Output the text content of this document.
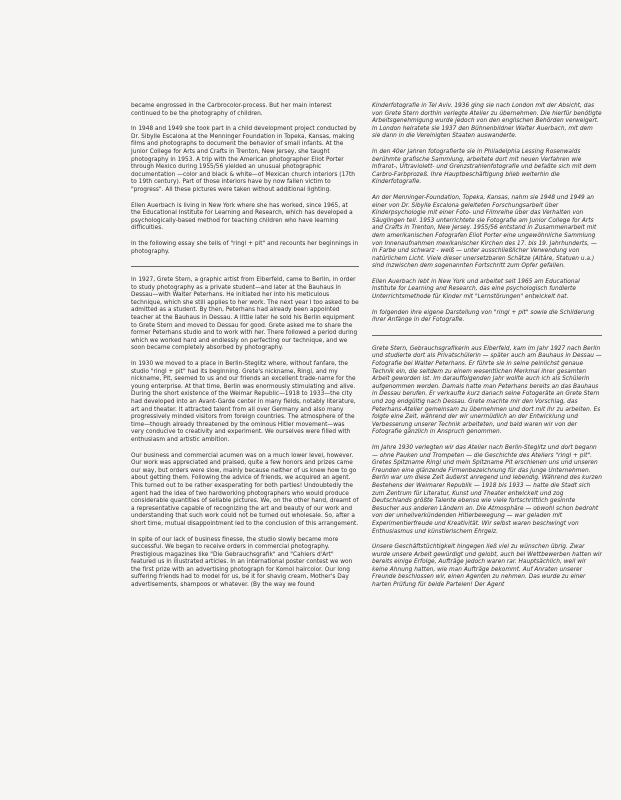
became engrossed in the Carbrocolor-process. But her main interest continued to be the photography of children.

In 1948 and 1949 she took part in a child development project conducted by Dr. Sibylle Escalona at the Menninger Foundation in Topeka, Kansas, making films and photographs to document the behavior of small infants. At the Junior College for Arts and Crafts in Trenton, New Jersey, she taught photography in 1953. A trip with the American photographer Eliot Porter through Mexico during 1955/56 yielded an unusual photographic documentation —color and black & white—of Mexican church interiors (17th to 19th century). Part of those interiors have by now fallen victim to "progress". All these pictures were taken without additional lighting.

Ellen Auerbach is living in New York where she has worked, since 1965, at the Educational Institute for Learning and Research, which has developed a psychologically-based method for teaching children who have learning difficulties.

In the following essay she tells of "ringl + pit" and recounts her beginnings in photography.

In 1927, Grete Stern, a graphic artist from Elberfeld, came to Berlin, in order to study photography as a private student—and later at the Bauhaus in Dessau—with Walter Peterhans. He initiated her into his meticulous technique, which she still applies to her work. The next year I too asked to be admitted as a student. By then, Peterhans had already been appointed teacher at the Bauhaus in Dessau. A little later he sold his Berlin equipment to Grete Stern and moved to Dessau for good. Grete asked me to share the former Peterhans studio and to work with her. There followed a period during which we worked hard and endlessly on perfecting our technique, and we soon became completely absorbed by photography.

In 1930 we moved to a place in Berlin-Steglitz where, without fanfare, the studio "ringl + pit" had its beginning. Grete's nickname, Ringl, and my nickname, Pit, seemed to us and our friends an excellent trade-name for the young enterprise. At that time, Berlin was enormously stimulating and alive. During the short existence of the Weimar Republic—1918 to 1933—the city had developed into an Avant-Garde center in many fields, notably literature, art and theater. It attracted talent from all over Germany and also many progressively minded visitors from foreign countries. The atmosphere of the time—though already threatened by the ominous Hitler movement—was very conducive to creativity and experiment. We ourselves were filled with enthusiasm and artistic ambition.

Our business and commercial acumen was on a much lower level, however. Our work was appreciated and praised, quite a few honors and prizes came our way, but orders were slow, mainly because neither of us knew how to go about getting them. Following the advice of friends, we acquired an agent. This turned out to be rather exasperating for both parties! Undoubtedly the agent had the idea of two hardworking photographers who would produce considerable quantities of sellable pictures. We, on the other hand, dreamt of a representative capable of recognizing the art and beauty of our work and understanding that such work could not be turned out wholesale. So, after a short time, mutual disappointment led to the conclusion of this arrangement.

In spite of our lack of business finesse, the studio slowly became more successful. We began to receive orders in commercial photography. Prestigious magazines like "Die Gebrauchsgrafik" and "Cahiers d'Art" featured us in illustrated articles. In an international poster contest we won the first prize with an advertising photograph for Komol haircolor. Our long suffering friends had to model for us, be it for shavig cream, Mother's Day advertisements, shampoos or whatever. (By the way we found

Kinderfotografie in Tel Aviv. 1936 ging sie nach London mit der Absicht, das von Grete Stern dorthin verlegte Atelier zu übernehmen. Die hierfür benötigte Arbeitsgenehmigung wurde jedoch von den englischen Behörden verweigert. In London heiratete sie 1937 den Bühnenbildner Walter Auerbach, mit dem sie dann in die Vereinigten Staaten auswanderte.

In den 40er Jahren fotografierte sie in Philadelphia Lessing Rosenwalds berühmte grafische Sammlung, arbeitete dort mit neuen Verfahren wie Infrarot-, Ultraviolett- und Grenzstrahlenfotografie und befaßte sich mit dem Carbro-Farbprozeß. Ihre Hauptbeschäftigung blieb weiterhin die Kinderfotografie.

An der Menninger-Foundation, Topeka, Kansas, nahm sie 1948 und 1949 an einer von Dr. Sibylle Escalona geleiteten Forschungsarbeit über Kinderpsychologie mit einer Foto- und Filmreihe über das Verhalten von Säuglingen teil. 1953 unterrichtete sie Fotografie am Junior College for Arts and Crafts in Trenton, New Jersey. 1955/56 entstand in Zusammenarbeit mit dem amerikanischen Fotografen Eliot Porter eine ungewöhnliche Sammlung von Innenaufnahmen mexikanischer Kirchen des 17. bis 19. Jahrhunderts, — in Farbe und schwarz - weiß — unter ausschließlicher Verwendung von natürlichem Licht. Viele dieser unersetzbaren Schätze (Altäre, Statuen u.a.) sind inzwischen dem sogenannten Fortschritt zum Opfer gefallen.

Ellen Auerbach lebt in New York und arbeitet seit 1965 am Educational Institute for Learning and Research, das eine psychologisch fundierte Unterrichtsmethode für Kinder mit "Lernstörungen" entwickelt hat.

In folgenden ihre eigene Darstellung von "ringl + pit" sowie die Schilderung ihrer Anfänge in der Fotografie.

Grete Stern, Gebrauchsgrafikerin aus Elberfeld, kam im Jahr 1927 nach Berlin und studierte dort als Privatschülerin — später auch am Bauhaus in Dessau — Fotografie bei Walter Peterhans. Er führte sie in seine peinlichst genaue Technik ein, die seitdem zu einem wesentlichen Merkmal ihrer gesamten Arbeit geworden ist. Im darauffolgenden Jahr wollte auch ich als Schülerin aufgenommen werden. Damals hatte man Peterhans bereits an das Bauhaus in Dessau berufen. Er verkaufte kurz danach seine Fotogeräte an Grete Stern und zog endgültig nach Dessau. Grete machte mir den Vorschlag, das Peterhans-Atelier gemeinsam zu übernehmen und dort mit ihr zu arbeiten. Es folgte eine Zeit, während der wir unermüdlich an der Entwicklung und Verbesserung unserer Technik arbeiteten, und bald waren wir von der Fotografie gänzlich in Anspruch genommen.

Im Jahre 1930 verlegten wir das Atelier nach Berlin-Steglitz und dort begann — ohne Pauken und Trompeten — die Geschichte des Ateliers "ringl + pit". Gretes Spitzname Ringl und mein Spitzname Pit erschienen uns und unseren Freunden eine glänzende Firmenbezeichnung für das junge Unternehmen. Berlin war um diese Zeit äußerst anregend und lebendig. Während des kurzen Bestehens der Weimarer Republik — 1918 bis 1933 — hatte die Stadt sich zum Zentrum für Literatur, Kunst und Theater entwickelt und zog Deutschlands größte Talente ebenso wie viele fortschrittlich gesinnte Besucher aus anderen Ländern an. Die Atmosphäre — obwohl schon bedroht von der unheilverkündenden Hitlerbewegung — war geladen mit Experimentierfreude und Kreativität. Wir selbst waren beschwingt von Enthusiasmus und künstlerischem Ehrgeiz.

Unsere Geschäftstüchtigkeit hingegen ließ viel zu wünschen übrig. Zwar wurde unsere Arbeit gewürdigt und gelobt, auch bei Wettbewerben hatten wir bereits einige Erfolge, Aufträge jedoch waren rar. Hauptsächlich, weil wir keine Ahnung hatten, wie man Aufträge bekommt. Auf Anraten unserer Freunde beschlossen wir, einen Agenten zu nehmen. Das wurde zu einer harten Prüfung für beide Parteien! Der Agent
